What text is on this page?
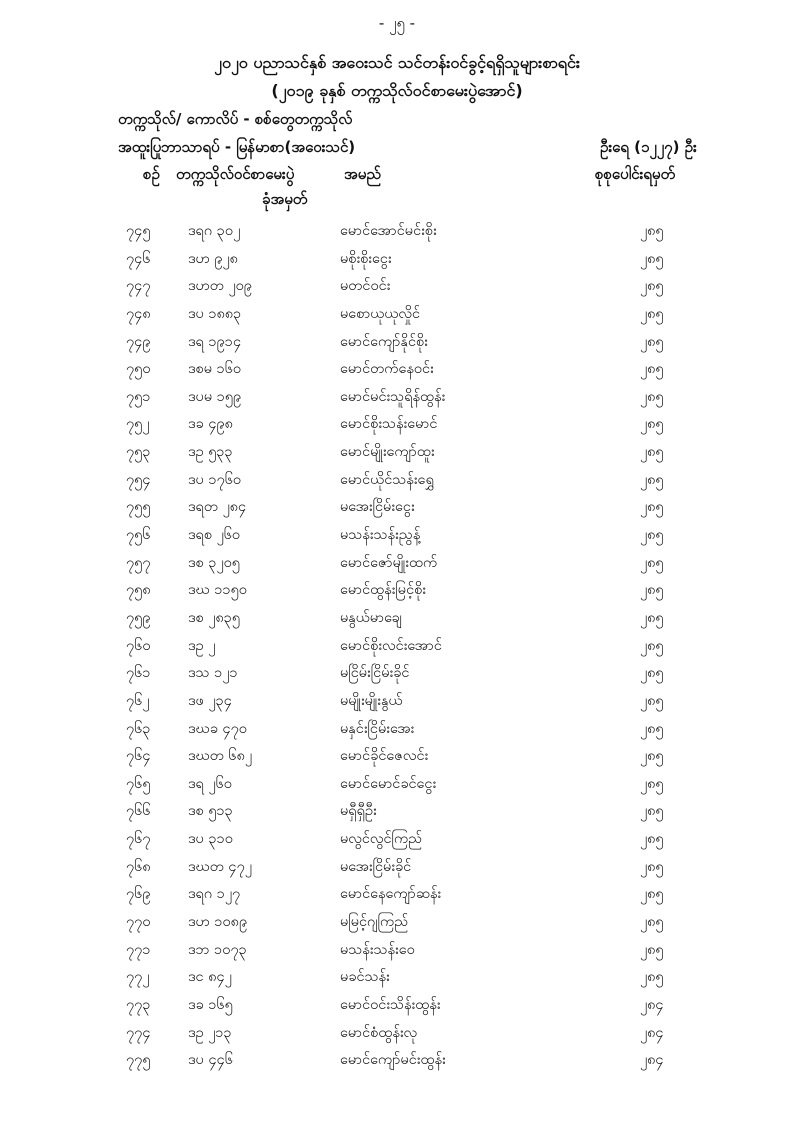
- ၂၅ -
၂၀၂၀ ပညာသင်နှစ် အဝေးသင် သင်တန်းဝင်ခွင့်ရရှိသူများစာရင်း
(၂၀၁၉ ခုနှစ် တက္ကသိုလ်ဝင်စာမေးပွဲအောင်)
တက္ကသိုလ်/ ကောလိပ် - စစ်တွေတက္ကသိုလ်
အထူးပြုဘာသာရပ် - မြန်မာစာ(အဝေးသင်)	ဦးရေ (၁၂၂၇) ဦး
စဉ် တက္ကသိုလ်ဝင်စာမေးပွဲ
ခုံအမှတ်
အမည်	စုစုပေါင်းရမှတ်
၇၄၅	ဒရဂ ၃၀၂	မောင်အောင်မင်းစိုး	၂၈၅
၇၄၆	ဒဟ ၉၂၈	မစိုးစိုးငွေး	၂၈၅
၇၄၇	ဒဟတ ၂၀၉	မတင်ဝင်း	၂၈၅
၇၄၈	ဒပ ၁၈၈၃	မစောယုယုလှိုင်	၂၈၅
၇၄၉	ဒရ ၁၉၁၄	မောင်ကျော်နိုင်စိုး	၂၈၅
၇၅၀	ဒစမ ၁၆၀	မောင်တက်နေဝင်း	၂၈၅
၇၅၁	ဒပမ ၁၅၉	မောင်မင်းသူရိန်ထွန်း	၂၈၅
၇၅၂	ဒခ ၄၉၈	မောင်စိုးသန်းမောင်	၂၈၅
၇၅၃	ဒဥ ၅၃၃	မောင်မျိုးကျော်ထူး	၂၈၅
၇၅၄	ဒပ ၁၇၆၀	မောင်ယိုင်သန်းရွှေ	၂၈၅
၇၅၅	ဒရတ ၂၈၄	မအေးငြိမ်းငွေး	၂၈၅
၇၅၆	ဒရစ ၂၆၀	မသန်းသန်းညွန့်	၂၈၅
၇၅၇	ဒစ ၃၂၀၅	မောင်ဇော်မျိုးထက်	၂၈၅
၇၅၈	ဒဃ ၁၁၅၀	မောင်ထွန်းမြင့်စိုး	၂၈၅
၇၅၉	ဒစ ၂၈၃၅	မနွယ်မာချေ	၂၈၅
၇၆၀	ဒဥ ၂	မောင်စိုးလင်းအောင်	၂၈၅
၇၆၁	ဒသ ၁၂၁	မငြိမ်းငြိမ်းခိုင်	၂၈၅
၇၆၂	ဒဖ ၂၃၄	မမျိုးမျိုးနွယ်	၂၈၅
၇၆၃	ဒဃခ ၄၇၀	မနှင်းငြိမ်းအေး	၂၈၅
၇၆၄	ဒဃတ ၆၈၂	မောင်ခိုင်ဇေလင်း	၂၈၅
၇၆၅	ဒရ ၂၆၀	မောင်မောင်ခင်ငွေး	၂၈၅
၇၆၆	ဒစ ၅၁၃	မရှီရှီဦး	၂၈၅
၇၆၇	ဒပ ၃၁၀	မလွင်လွင်ကြည်	၂၈၅
၇၆၈	ဒဃတ ၄၇၂	မအေးငြိမ်းခိုင်	၂၈၅
၇၆၉	ဒရဂ ၁၂၇	မောင်နေကျော်ဆန်း	၂၈၅
၇၇၀	ဒဟ ၁၀၈၉	မမြင့်ဂျကြည်	၂၈၅
၇၇၁	ဒဘ ၁၀၇၃	မသန်းသန်းဝေ	၂၈၅
၇၇၂	ဒင ၈၄၂	မခင်သန်း	၂၈၅
၇၇၃	ဒခ ၁၆၅	မောင်ဝင်းသိန်းထွန်း	၂၈၄
၇၇၄	ဒဥ ၂၁၃	မောင်စံထွန်းလု	၂၈၄
၇၇၅	ဒပ ၄၄၆	မောင်ကျော်မင်းထွန်း	၂၈၄
